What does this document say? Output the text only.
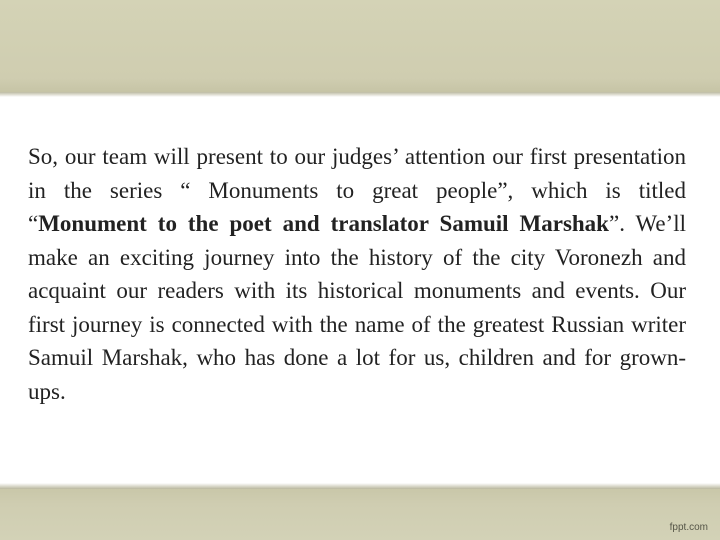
So, our team will present to our judges’ attention our first presentation in the series “ Monuments to great people”, which is titled “Monument to the poet and translator Samuil Marshak”. We’ll make an exciting journey into the history of the city Voronezh and acquaint our readers with its historical monuments and events. Our first journey is connected with the name of the greatest Russian writer Samuil Marshak, who has done a lot for us, children and for grown-ups.

fppt.com
